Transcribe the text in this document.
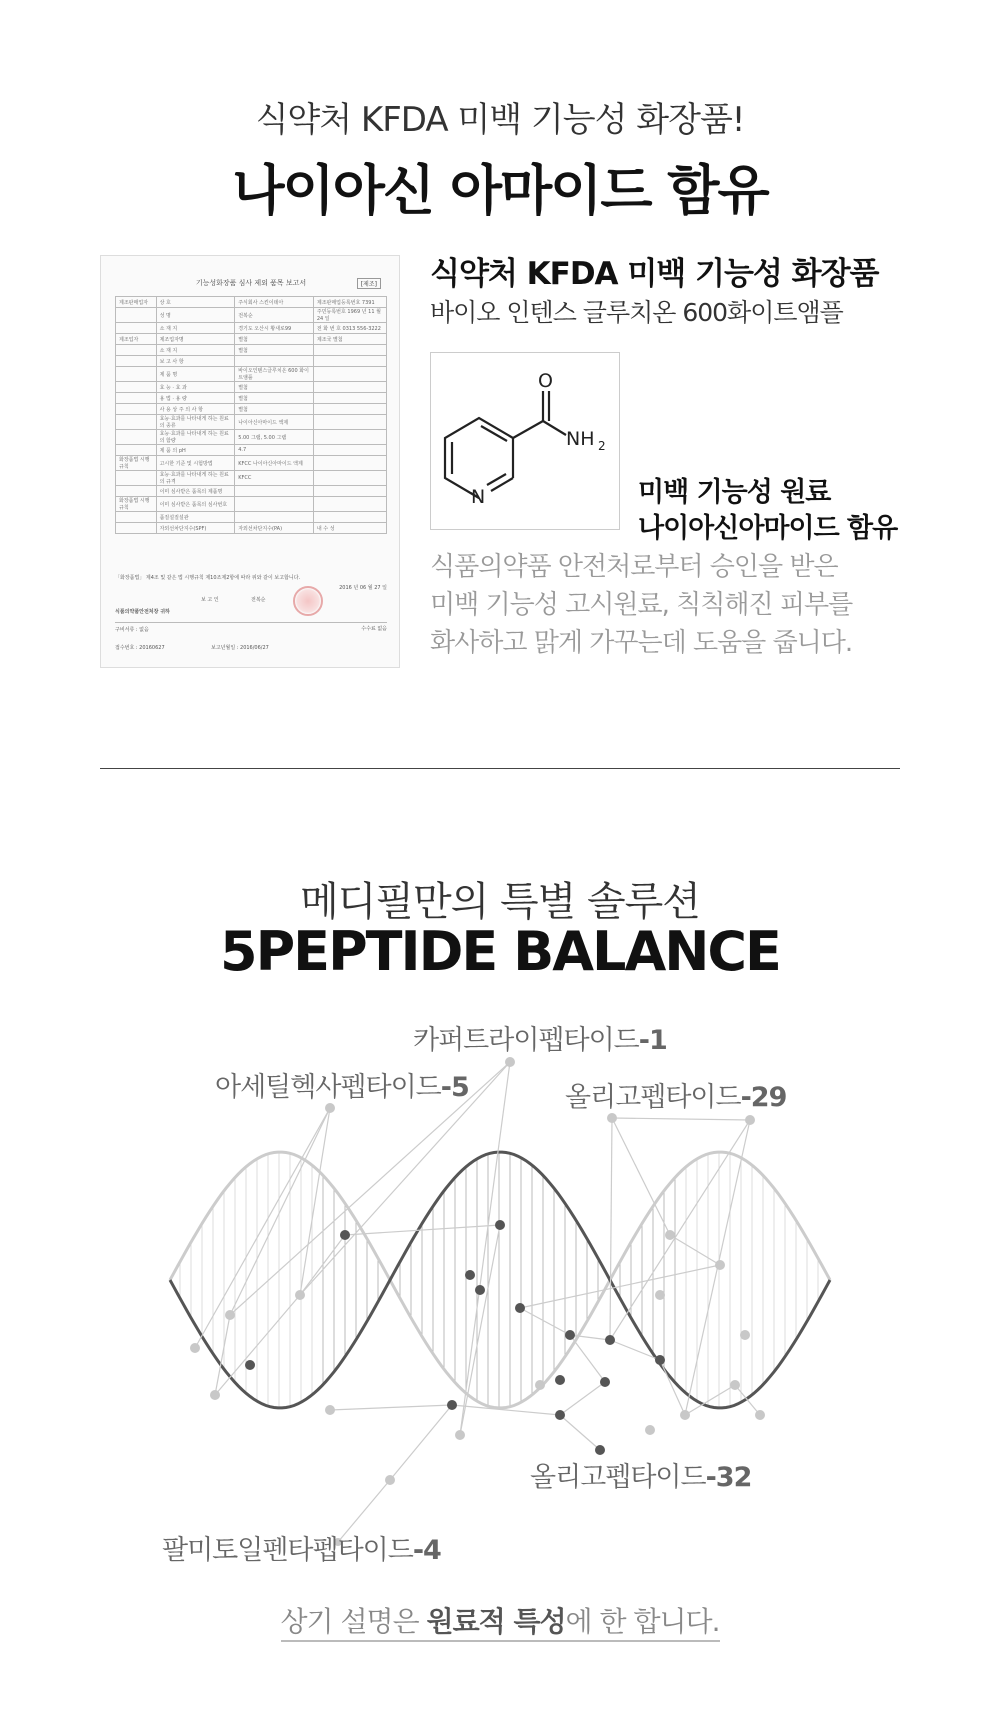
식약처 KFDA 미백 기능성 화장품!
나이아신 아마이드 함유
기능성화장품 심사 제외 품목 보고서	[제조]
제조판매업자	상 호	주식회사 스킨이데아	제조판매업등록번호 7391
	성 명	전복순	주민등록번호 1969 년 11 월 24 일
	소 재 지	경기도 오산시 황새로99	전 화 번 호 0313 556-3222
제조업자	제조업자명	별첨	제조국 별첨
	소 재 지	별첨	
	보 고 사 항		
	제 품 명	바이오인텐스글루치온 600 화이트앰플	
	효 능 · 효 과	별첨	
	용 법 · 용 량	별첨	
	사 용 상 주 의 사 항	별첨	
	효능·효과를 나타내게 하는 원료의 종류	나이아신아마이드 액제	
	효능·효과를 나타내게 하는 원료의 함량	5.00 그램, 5.00 그램	
	제 품 의 pH	4.7	
화장품법 시행규칙	고시한 기준 및 시험방법	KFCC 나이아신아마이드 액제	
	효능·효과를 나타내게 하는 원료의 규격	KFCC	
	이미 심사받은 품목의 제품명		
화장품법 시행규칙	이미 심사받은 품목의 심사번호		
	품질설질설관		
	자외선차단지수(SPF)	자외선차단지수(PA)	내 수 성
「화장품법」 제4조 및 같은 법 시행규칙 제10조제2항에 따라 위와 같이 보고합니다.
2016 년 06 월 27 일
보 고 인	전복순
식품의약품안전처장 귀하
구비서류 : 없음	수수료 없음
접수번호 : 20160627	보고년월일 : 2016/06/27
식약처 KFDA 미백 기능성 화장품
바이오 인텐스 글루치온 600화이트앰플
O
N
NH 2
미백 기능성 원료
나이아신아마이드 함유
식품의약품 안전처로부터 승인을 받은
미백 기능성 고시원료, 칙칙해진 피부를
화사하고 맑게 가꾸는데 도움을 줍니다.
메디필만의 특별 솔루션
5PEPTIDE BALANCE
카퍼트라이펩타이드-1
아세틸헥사펩타이드-5	올리고펩타이드-29
올리고펩타이드-32
팔미토일펜타펩타이드-4
상기 설명은 원료적 특성에 한 합니다.
